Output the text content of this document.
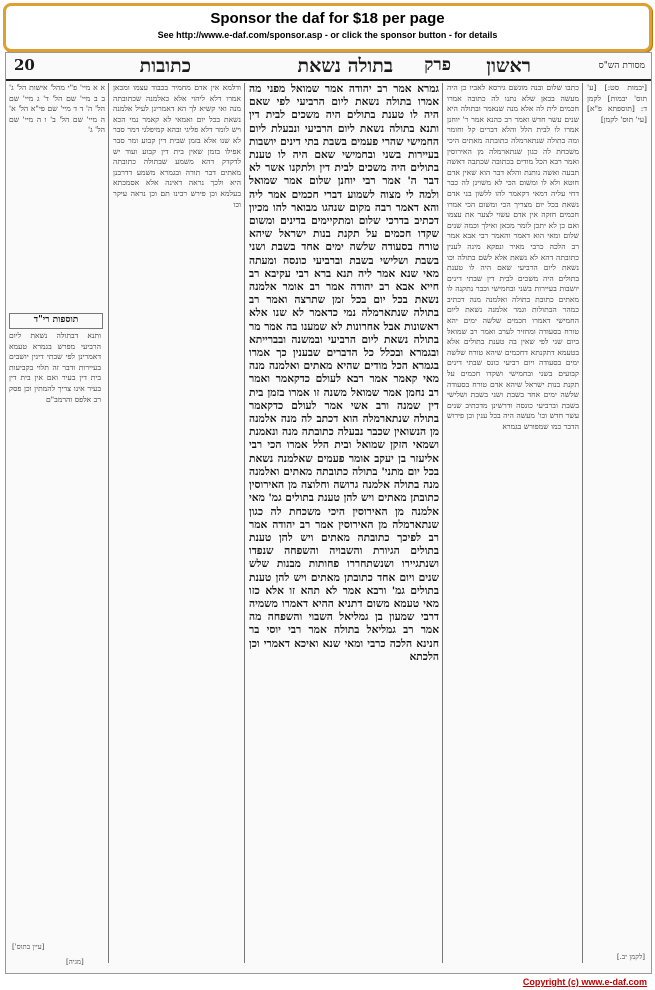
Sponsor the daf for $18 per page
See http://www.e-daf.com/sponsor.asp - or click the sponsor button - for details
20	מסורת הש"ס
כתובות	בתולה נשאת פרק ראשון
[יבמות סט:] [ע' תוס' יבמות] לקמן ד: [תוספתא פ"א] [עי' תוס' לקמן]
כתבו שלום ובנה מוגשם גירסא לאביו כן היה מעשה בכאן שלא נתנו לה כתובה אמרו חכמים לית לה אלא מנה שנאמר ובתולה היא שנים עשר חדש ואמר רב כהנא אמר ר' יוחנן אמרו לו לבית הלל והלא דברים קל וחומר ומה בתולה שנתארמלה כתובתה מאתים היכי משכחת לה כגון שנתארמלה מן האירוסין ואמר רבא הכל מודים בכתובה שכתבה דאשה תבעה ואשה נותנת והלא דבר הוא שאין אדם חוטא ולא לו ומשום הכי לא משוינן לה כבר דחי עליה דמאי דקאמר להו ללשון בני אדם נשאת בכל יום מצריך הכי ומשום הכי אמרו חכמים חזקה אין אדם עשוי לצער את עצמו ואם כן לא יתכן לומר מכאן ואילך וכמה שנים שלום ומאי הוא דאמר והאמר רבי אבא אמר רב הלכה כרבי מאיר ונפקא מינה לענין כתובתה דהא לא נשאת אלא לשם בתולה וכו נשאת ליום הרביעי שאם היה לו טענת בתולים היה משכים לבית דין שבתי דינים יושבות בעיירות בשני ובחמישי וכבר נתקנה לו מאתים כתובת בתולה ואלמנה מנה דכתיב כמהר הבתולות וגמר אלמנה נשאת ליום החמישי דאמרו חכמים שלשה ימים יהא טורח בסעודה ומחזיר לערב ואמר רב שמואל ביום שני לפי שאין בה טענת בתולים אלא בטעמא דתקנתא דחכמים שיהא טורח שלשה ימים בסעודה ויום רביעי כונס שבתי דינים קבועים בשני ובחמישי ושקדו חכמים על תקנת בנות ישראל שיהא אדם טורח בסעודה שלשה ימים אחד בשבת ושני בשבת ושלישי בשבת וברביעי כונסה ודרשינן מדכתיב שנים עשר חדש וכו' מעשה היה בכל ענין וכן פירוש הדבר כמו שמפורש בגמרא
גמרא אמר רב יהודה אמר שמואל מפני מה אמרו בתולה נשאת ליום הרביעי לפי שאם היה לו טענת בתולים היה משכים לבית דין ותנא בתולה נשאת ליום הרביעי ונבעלת ליום החמישי שהרי פעמים בשבת בתי דינים יושבות בעיירות בשני ובחמישי שאם היה לו טענת בתולים היה משכים לבית דין ולתקנו אשר לא דבר ה' אמר רבי יוחנן שלום אמר שמואל ולמה לי מצוה לשמוע דברי חכמים אמר ליה והא דאמר רבה מקום שנהגו מבואר להו מכיון דכתיב בדרכי שלום ומתקיימים בדינים ומשום שקדו חכמים על תקנת בנות ישראל שיהא טורח בסעודה שלשה ימים אחד בשבת ושני בשבת ושלישי בשבת וברביעי כונסה ומעתה מאי שנא אמר ליה תנא ברא רבי עקיבא רב חייא אבא רב יהודה אמר רב אומר אלמנה נשאת בכל יום בכל זמן שתרצה ואמר רב בתולה שנתארמלה נמי כדאמר לא שנו אלא ראשונות אבל אחרונות לא שמענו בה אמר מר בתולה נשאת ליום הרביעי ובמשנה ובברייתא ובגמרא ובכלל כל הדברים שבענין כך אמרו בגמרא הכל מודים שהיא מאתים ואלמנה מנה מאי קאמר אמר רבא לעולם כדקאמר ואמר רב נחמן אמר שמואל משנה זו אמרו בזמן בית דין שמנה ורב אשי אמר לעולם כדקאמר בתולה שנתארמלה הוא דכתב לה מנה אלמנה מן הנשואין שכבר נבעלה כתובתה מנה ונאמנת ושמאי הזקן שמואל ובית הלל אמרו הכי רבי אליעזר בן יעקב אומר פעמים שאלמנה נשאת בכל יום מתני' בתולה כתובתה מאתים ואלמנה מנה בתולה אלמנה גרושה וחלוצה מן האירוסין כתובתן מאתים ויש להן טענת בתולים גמ' מאי אלמנה מן האירוסין היכי משכחת לה כגון שנתארמלה מן האירוסין אמר רב יהודה אמר רב לפיכך כתובתה מאתים ויש להן טענת בתולים הגיורת והשבויה והשפחה שנפדו ושנתגיירו ושנשתחררו פחותות מבנות שלש שנים ויום אחד כתובתן מאתים ויש להן טענת בתולים גמ' ורבא אמר לא תהא זו אלא כזו מאי טעמא משום דתניא ההיא דאמרו משמיה דרבי שמעון בן גמליאל השבוי והשפחה מה אמר רב גמליאל בתולה אמר רבי יוסי בר חנינא הלכה כרבי ומאי שנא ואיכא דאמרי וכן הלכתא
ודלמא אין אדם מחמיר בכבוד עצמו ומכאן אמרו דלא ליהוי אלא כאלמנה שכתובתה מנה ואי קשיא לך הא דאמרינן לעיל אלמנה נשאת בכל יום ואמאי לא קאמר נמי הכא ויש לומר דלא פליגי ובהא קמיפלגי דמר סבר לא שנו אלא בזמן שבית דין קבוע ומר סבר אפילו בזמן שאין בית דין קבוע ועוד יש לדקדק דהא משמע שבתולה כתובתה מאתים דבר תורה ובגמרא משמע דדרבנן היא ולכך נראה דאינה אלא אסמכתא בעלמא וכן פירש רבינו תם וכן נראה עיקר וכו
א א מיי' פ"י מהל' אישות הל' ג' ב ב מיי' שם הל' ד' ג מיי' שם הל' ה' ד ד מיי' שם פי"א הל' א' ה מיי' שם הל' ב' ו ה מיי' שם הל' ג'
תוספות רי"ד
ותנא דבתולה נשאת ליום הרביעי מפרש בגמרא טעמא דאמרינן לפי שבתי דינין יושבים בעיירות ודבר זה תלוי בקביעות בית דין בעיר ואם אין בית דין בעיר אינו צריך להמתין וכן פסק רב אלפס והרמב"ם
[עיין בתוס']
[מגיה]
[לקמן יב.]
Copyright (c) www.e-daf.com
